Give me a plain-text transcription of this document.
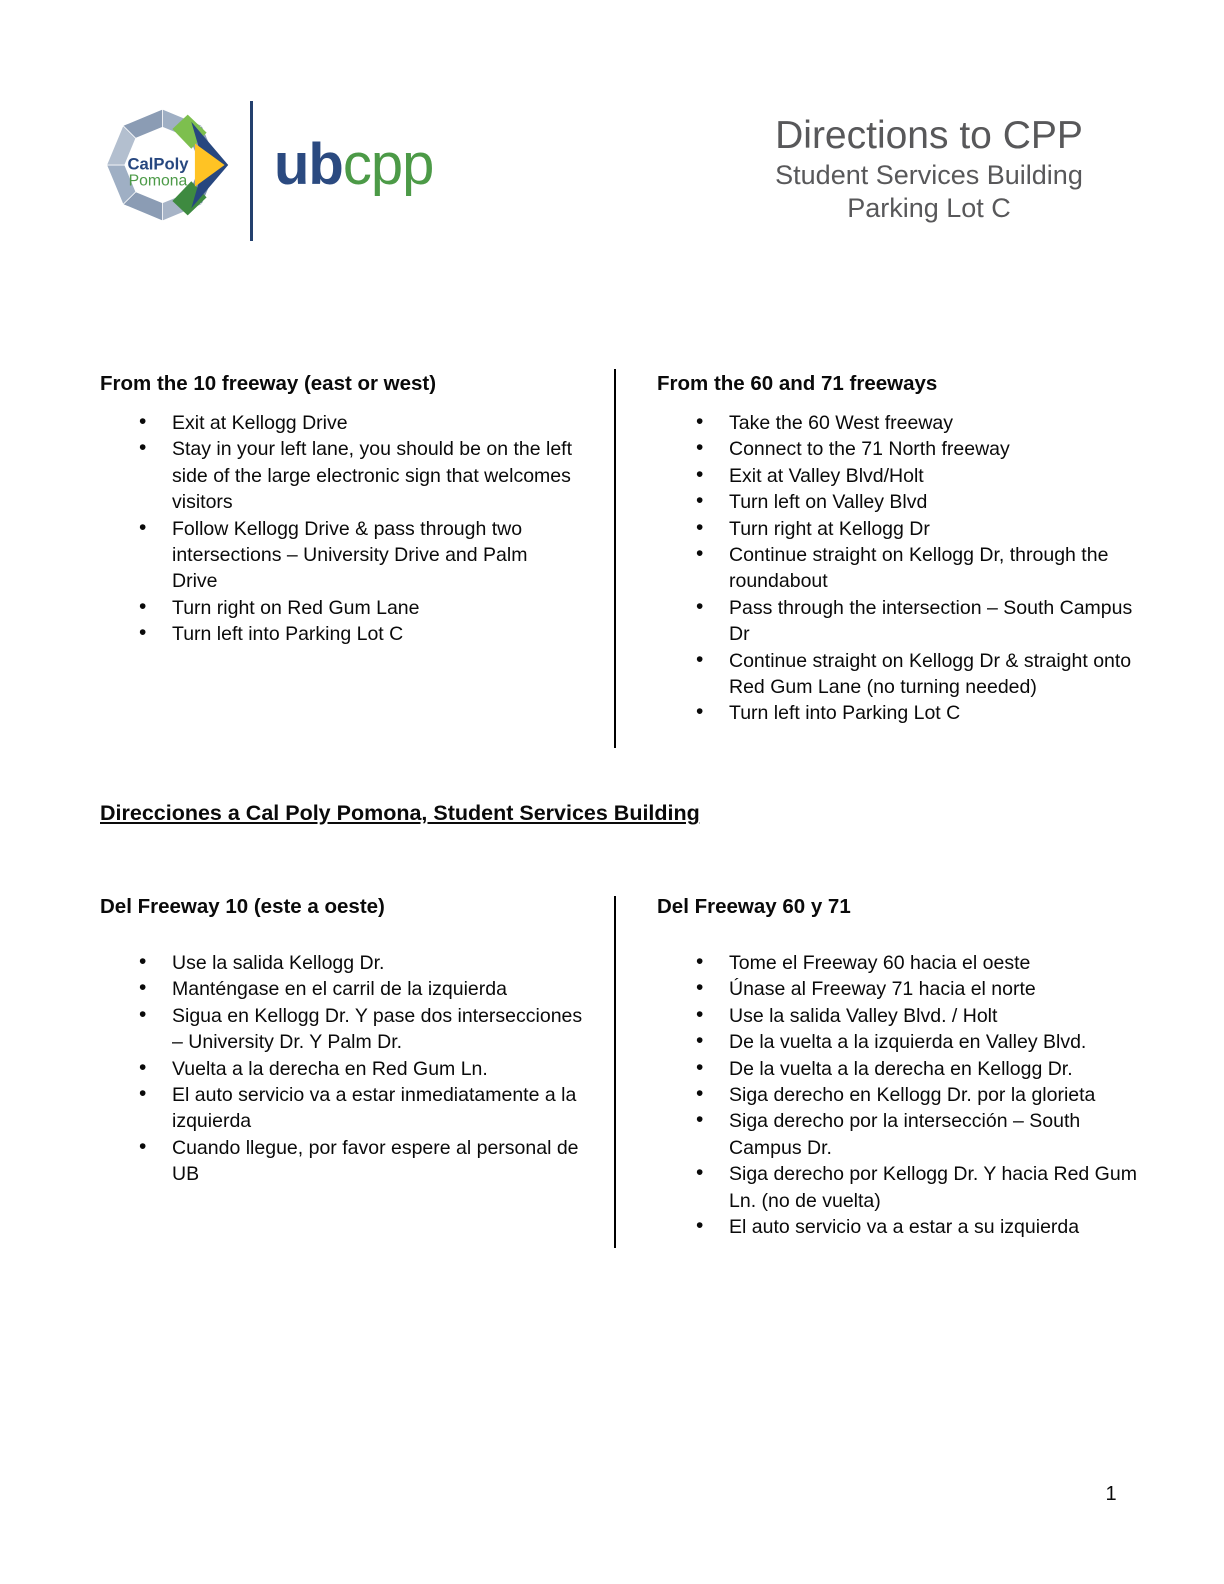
CalPoly
Pomona ubcpp	Directions to CPP
Student Services Building
Parking Lot C
From the 10 freeway (east or west)
• Exit at Kellogg Drive
• Stay in your left lane, you should be on the left side of the large electronic sign that welcomes visitors
• Follow Kellogg Drive & pass through two intersections – University Drive and Palm Drive
• Turn right on Red Gum Lane
• Turn left into Parking Lot C
From the 60 and 71 freeways
• Take the 60 West freeway
• Connect to the 71 North freeway
• Exit at Valley Blvd/Holt
• Turn left on Valley Blvd
• Turn right at Kellogg Dr
• Continue straight on Kellogg Dr, through the roundabout
• Pass through the intersection – South Campus Dr
• Continue straight on Kellogg Dr & straight onto Red Gum Lane (no turning needed)
• Turn left into Parking Lot C
Direcciones a Cal Poly Pomona, Student Services Building
Del Freeway 10 (este a oeste)
• Use la salida Kellogg Dr.
• Manténgase en el carril de la izquierda
• Sigua en Kellogg Dr. Y pase dos intersecciones – University Dr. Y Palm Dr.
• Vuelta a la derecha en Red Gum Ln.
• El auto servicio va a estar inmediatamente a la izquierda
• Cuando llegue, por favor espere al personal de UB
Del Freeway 60 y 71
• Tome el Freeway 60 hacia el oeste
• Únase al Freeway 71 hacia el norte
• Use la salida Valley Blvd. / Holt
• De la vuelta a la izquierda en Valley Blvd.
• De la vuelta a la derecha en Kellogg Dr.
• Siga derecho en Kellogg Dr. por la glorieta
• Siga derecho por la intersección – South Campus Dr.
• Siga derecho por Kellogg Dr. Y hacia Red Gum Ln. (no de vuelta)
• El auto servicio va a estar a su izquierda
1
